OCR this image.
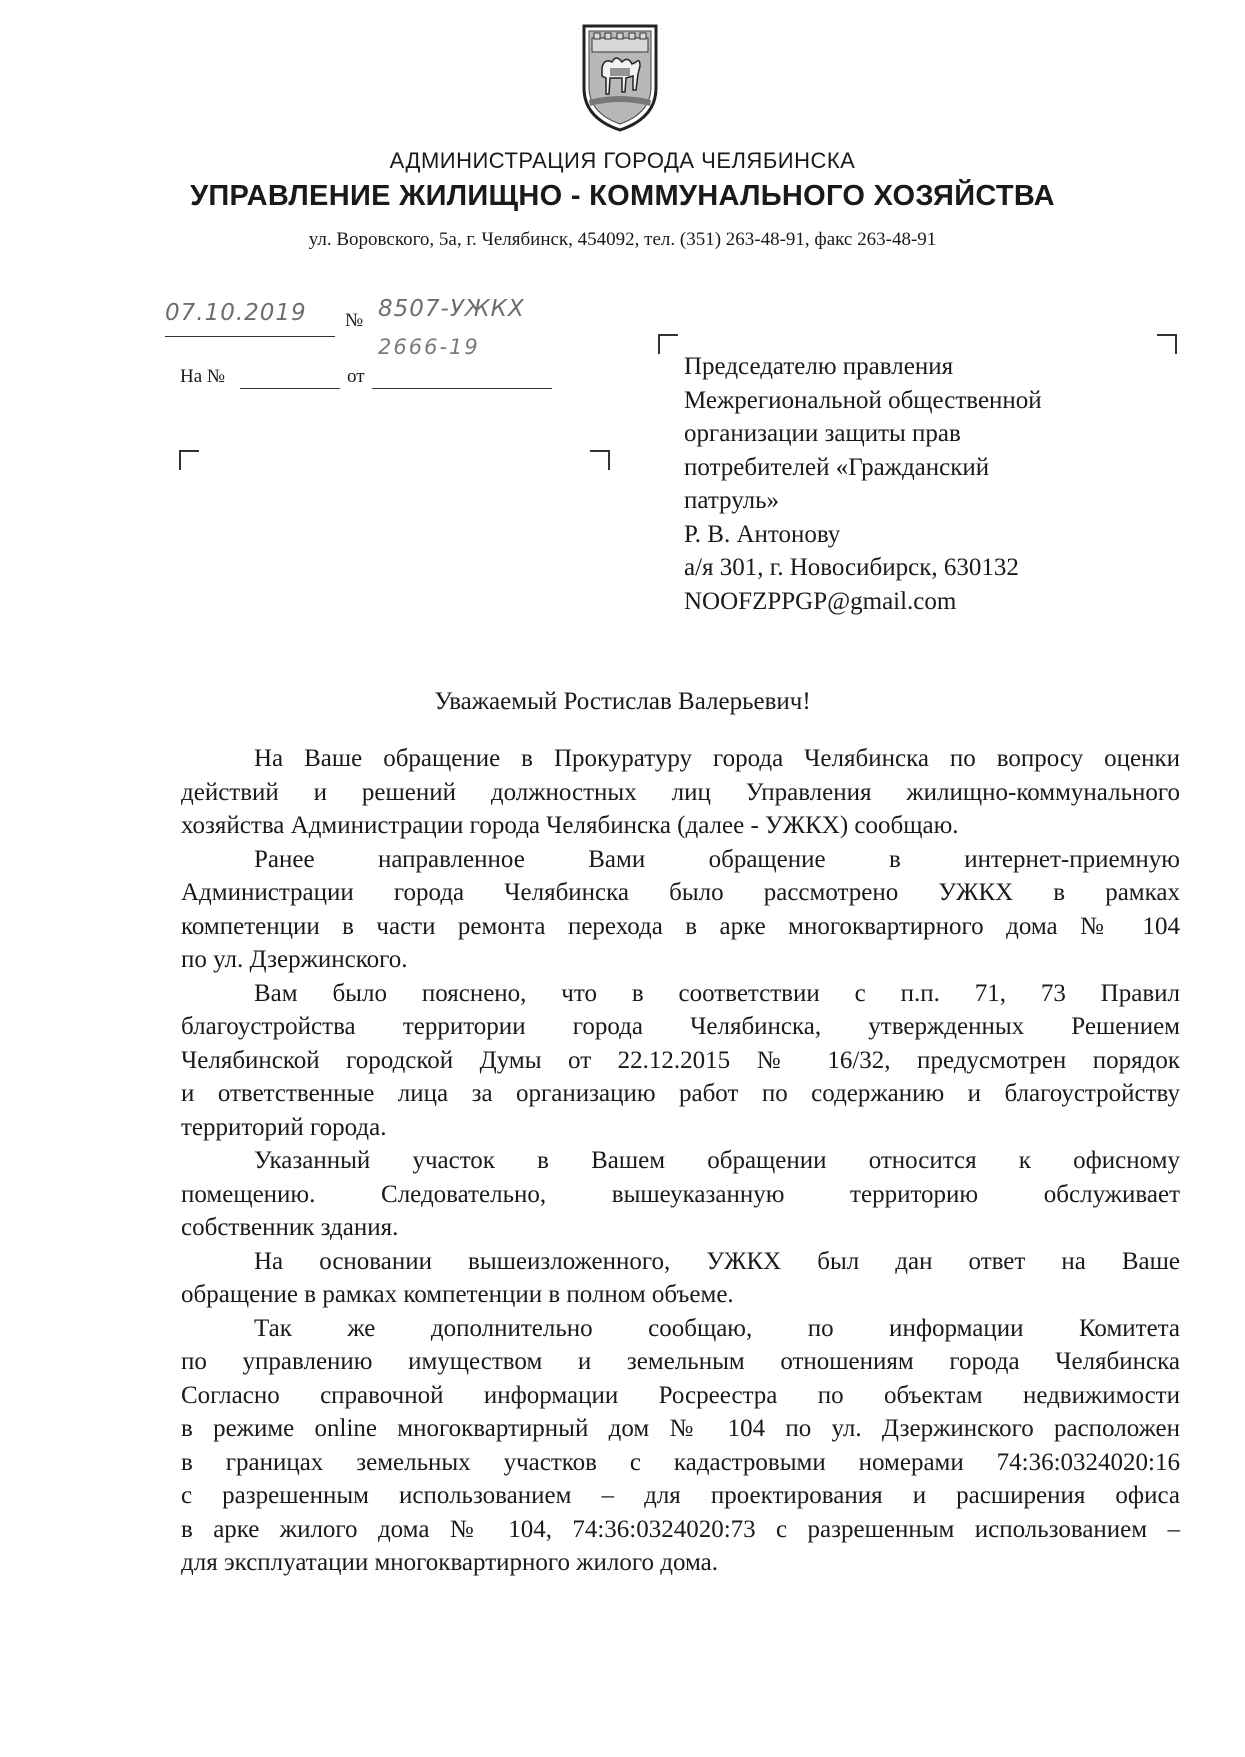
АДМИНИСТРАЦИЯ ГОРОДА ЧЕЛЯБИНСКА
УПРАВЛЕНИЕ ЖИЛИЩНО - КОММУНАЛЬНОГО ХОЗЯЙСТВА
ул. Воровского, 5а, г. Челябинск, 454092, тел. (351) 263-48-91, факс 263-48-91
07.10.2019	№ 8507-УЖКХ
2666-19
На №	от	Председателю правления
Межрегиональной общественной
организации защиты прав
потребителей «Гражданский
патруль»
Р. В. Антонову
а/я 301, г. Новосибирск, 630132
NOOFZPPGP@gmail.com
Уважаемый Ростислав Валерьевич!
На Ваше обращение в Прокуратуру города Челябинска по вопросу оценки
действий и решений должностных лиц Управления жилищно-коммунального
хозяйства Администрации города Челябинска (далее - УЖКХ) сообщаю.
Ранее направленное Вами обращение в интернет-приемную
Администрации города Челябинска было рассмотрено УЖКХ в рамках
компетенции в части ремонта перехода в арке многоквартирного дома № 104
по ул. Дзержинского.
Вам было пояснено, что в соответствии с п.п. 71, 73 Правил
благоустройства территории города Челябинска, утвержденных Решением
Челябинской городской Думы от 22.12.2015 № 16/32, предусмотрен порядок
и ответственные лица за организацию работ по содержанию и благоустройству
территорий города.
Указанный участок в Вашем обращении относится к офисному
помещению. Следовательно, вышеуказанную территорию обслуживает
собственник здания.
На основании вышеизложенного, УЖКХ был дан ответ на Ваше
обращение в рамках компетенции в полном объеме.
Так же дополнительно сообщаю, по информации Комитета
по управлению имуществом и земельным отношениям города Челябинска
Согласно справочной информации Росреестра по объектам недвижимости
в режиме online многоквартирный дом № 104 по ул. Дзержинского расположен
в границах земельных участков с кадастровыми номерами 74:36:0324020:16
с разрешенным использованием – для проектирования и расширения офиса
в арке жилого дома № 104, 74:36:0324020:73 с разрешенным использованием –
для эксплуатации многоквартирного жилого дома.
